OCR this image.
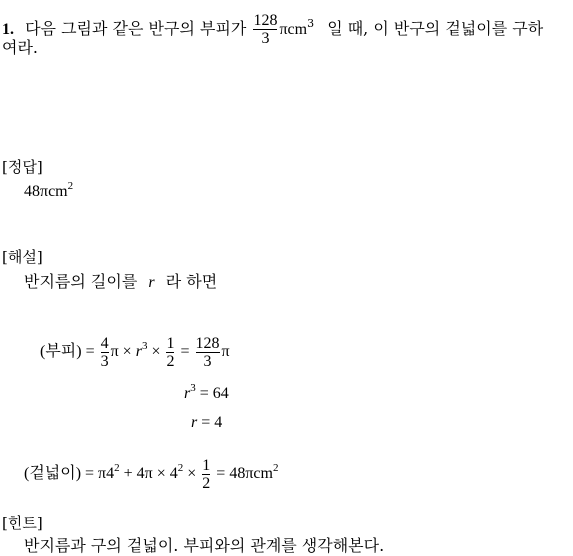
1. 다음 그림과 같은 반구의 부피가 $\frac{128}{3} \pi cm^3$ 일 때, 이 반구의 겉넓이를 구하
여라.
[정답]
48πcm$^2$
[해설]
반지름의 길이를 r 라 하면
(부피) = $\frac{4}{3}$ $\pi \times r^3 \times \frac{1}{2} = \frac{128}{3}$ π
$r^3 = 64$
r = 4
(겉넓이) = $\pi 4^2 + 4\pi \times 4^2 \times \frac{1}{2} = 48\pi cm^2$
[힌트]
반지름과 구의 겉넓이. 부피와의 관계를 생각해본다.
